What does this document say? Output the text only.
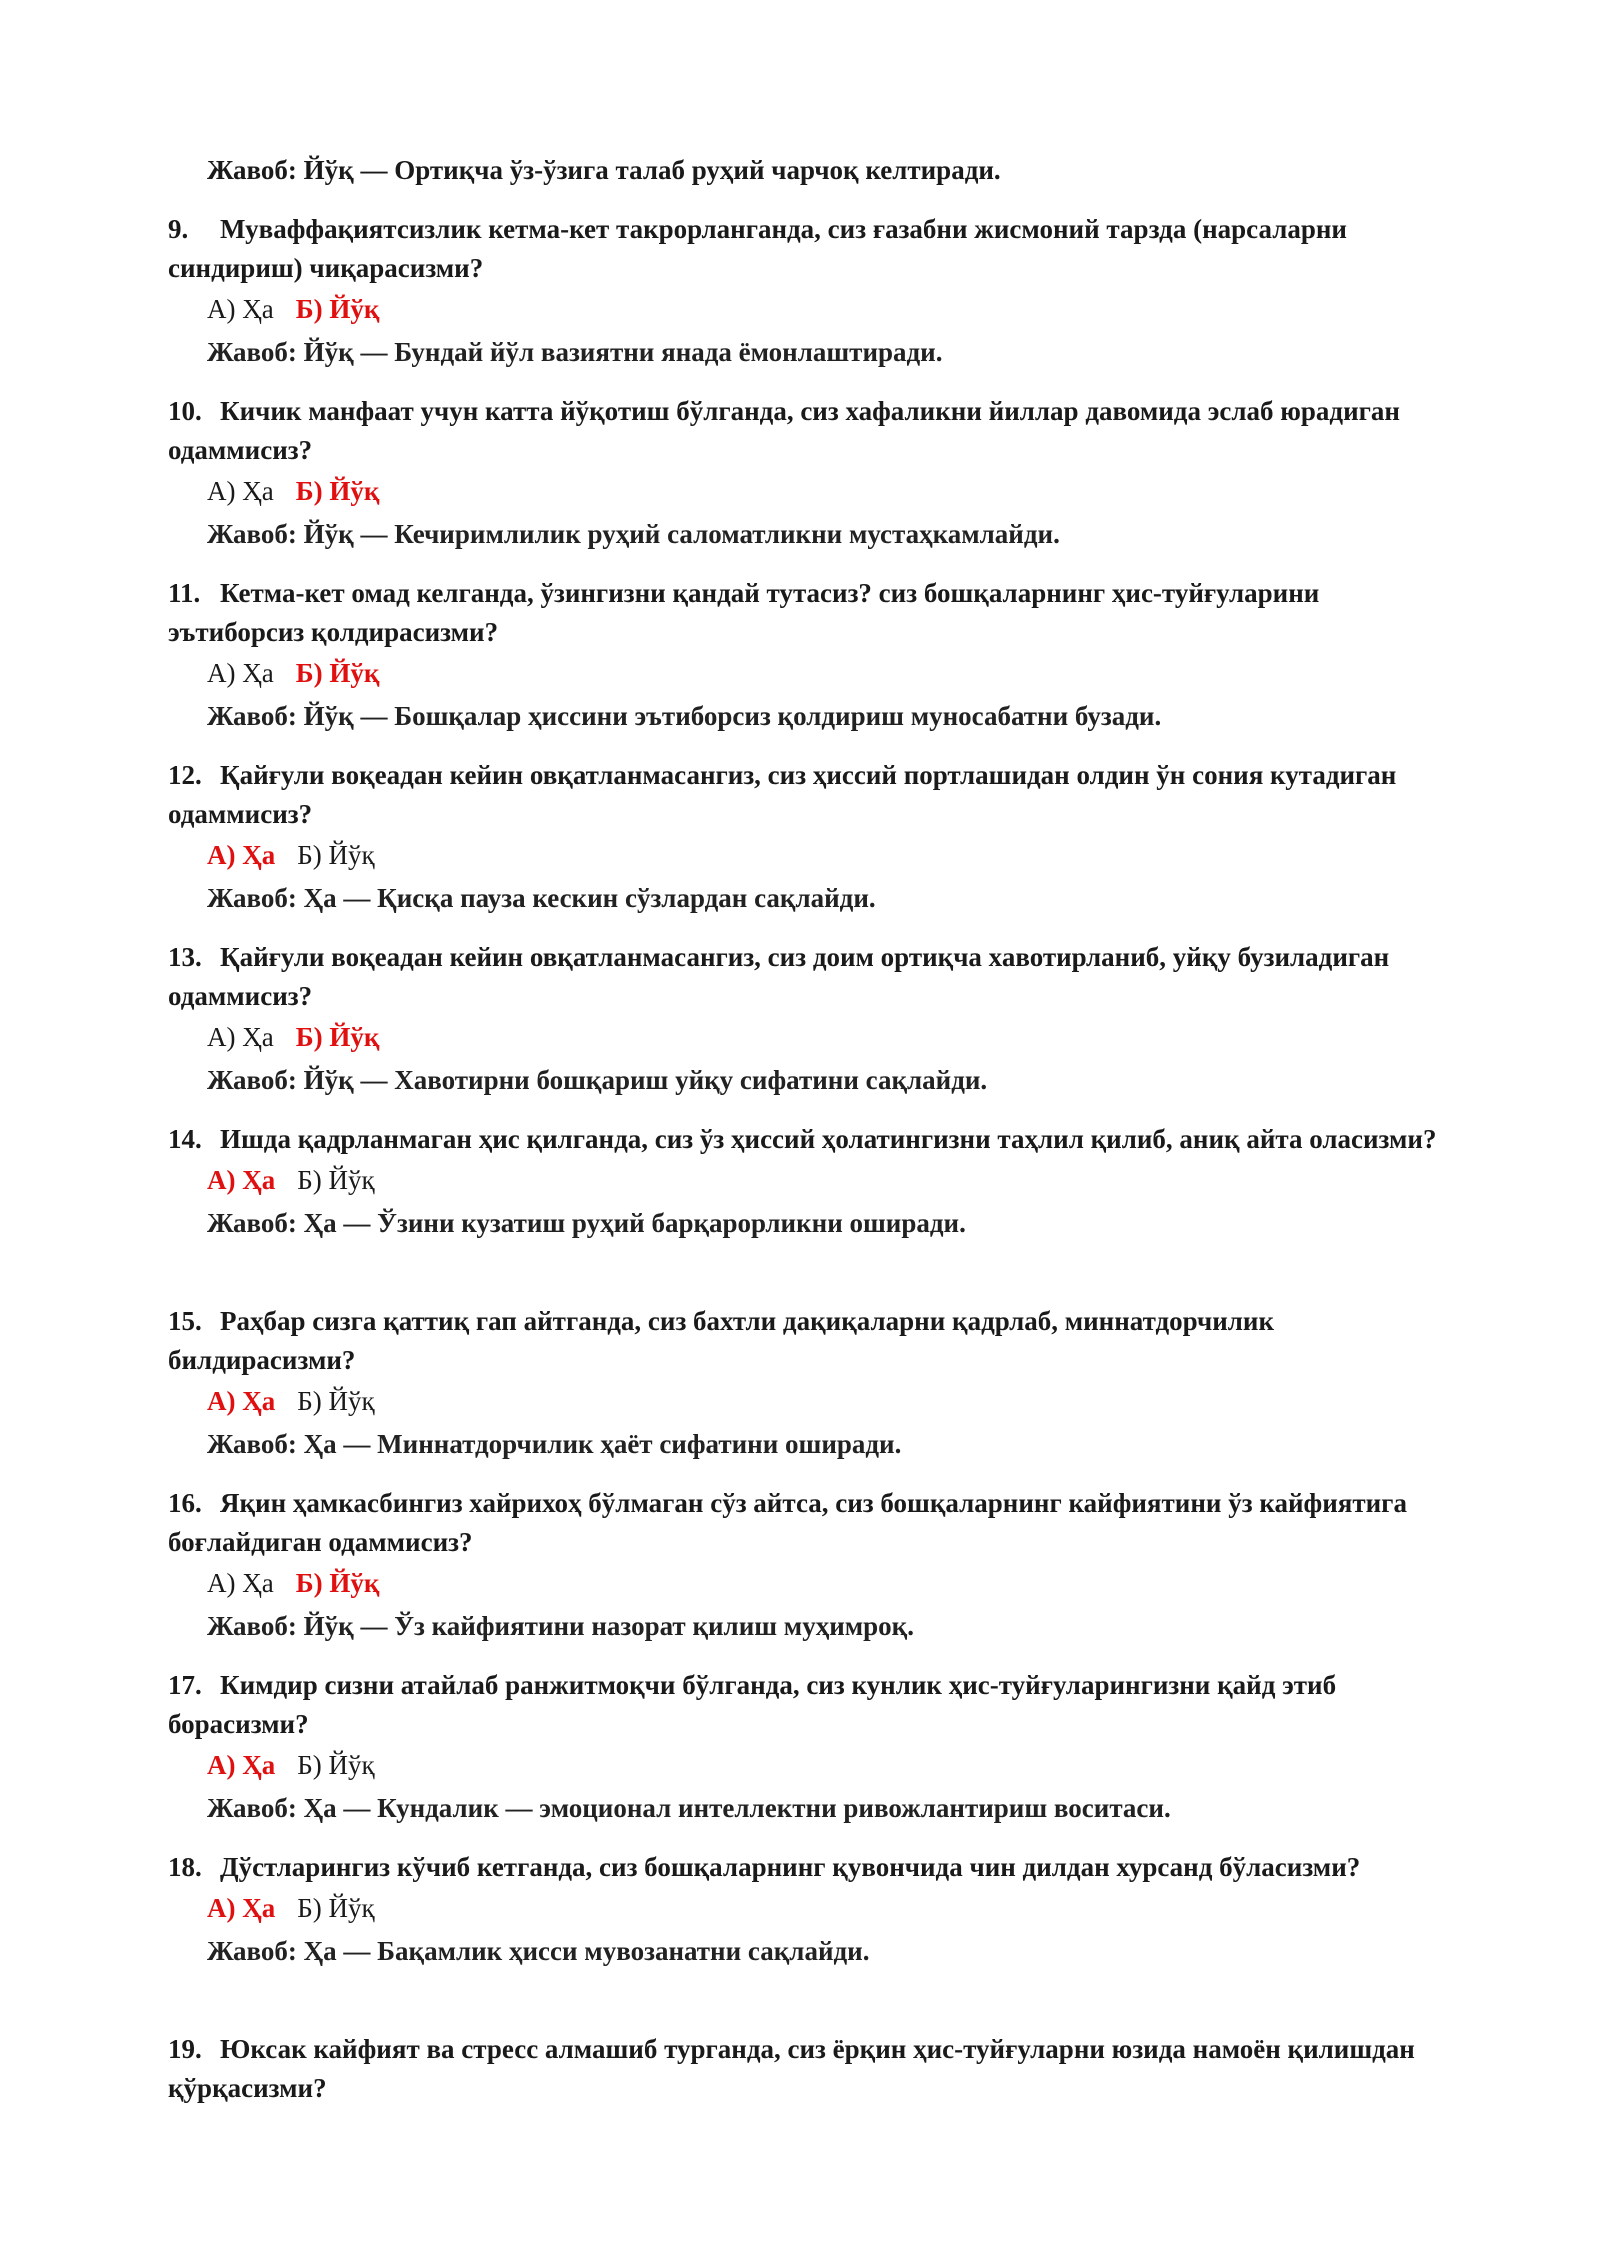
Жавоб: Йўқ — Ортиқча ўз-ўзига талаб руҳий чарчоқ келтиради.

9. Муваффақиятсизлик кетма-кет такрорланганда, сиз ғазабни жисмоний тарзда (нарсаларни синдириш) чиқарасизми?

А) Ҳа Б) Йўқ
Жавоб: Йўқ — Бундай йўл вазиятни янада ёмонлаштиради.

10. Кичик манфаат учун катта йўқотиш бўлганда, сиз хафаликни йиллар давомида эслаб юрадиган одаммисиз?

А) Ҳа Б) Йўқ
Жавоб: Йўқ — Кечиримлилик руҳий саломатликни мустаҳкамлайди.

11. Кетма-кет омад келганда, ўзингизни қандай тутасиз? сиз бошқаларнинг ҳис-туйғуларини эътиборсиз қолдирасизми?

А) Ҳа Б) Йўқ
Жавоб: Йўқ — Бошқалар ҳиссини эътиборсиз қолдириш муносабатни бузади.

12. Қайғули воқеадан кейин овқатланмасангиз, сиз ҳиссий портлашидан олдин ўн сония кутадиган одаммисиз?

А) Ҳа Б) Йўқ
Жавоб: Ҳа — Қисқа пауза кескин сўзлардан сақлайди.

13. Қайғули воқеадан кейин овқатланмасангиз, сиз доим ортиқча хавотирланиб, уйқу бузиладиган одаммисиз?

А) Ҳа Б) Йўқ
Жавоб: Йўқ — Хавотирни бошқариш уйқу сифатини сақлайди.

14. Ишда қадрланмаган ҳис қилганда, сиз ўз ҳиссий ҳолатингизни таҳлил қилиб, аниқ айта оласизми?

А) Ҳа Б) Йўқ
Жавоб: Ҳа — Ўзини кузатиш руҳий барқарорликни оширади.

15. Раҳбар сизга қаттиқ гап айтганда, сиз бахтли дақиқаларни қадрлаб, миннатдорчилик билдирасизми?

А) Ҳа Б) Йўқ
Жавоб: Ҳа — Миннатдорчилик ҳаёт сифатини оширади.

16. Яқин ҳамкасбингиз хайрихоҳ бўлмаган сўз айтса, сиз бошқаларнинг кайфиятини ўз кайфиятига боғлайдиган одаммисиз?

А) Ҳа Б) Йўқ
Жавоб: Йўқ — Ўз кайфиятини назорат қилиш муҳимроқ.

17. Кимдир сизни атайлаб ранжитмоқчи бўлганда, сиз кунлик ҳис-туйғуларингизни қайд этиб борасизми?

А) Ҳа Б) Йўқ
Жавоб: Ҳа — Кундалик — эмоционал интеллектни ривожлантириш воситаси.

18. Дўстларингиз кўчиб кетганда, сиз бошқаларнинг қувончида чин дилдан хурсанд бўласизми?

А) Ҳа Б) Йўқ
Жавоб: Ҳа — Бақамлик ҳисси мувозанатни сақлайди.

19. Юксак кайфият ва стресс алмашиб турганда, сиз ёрқин ҳис-туйғуларни юзида намоён қилишдан қўрқасизми?
